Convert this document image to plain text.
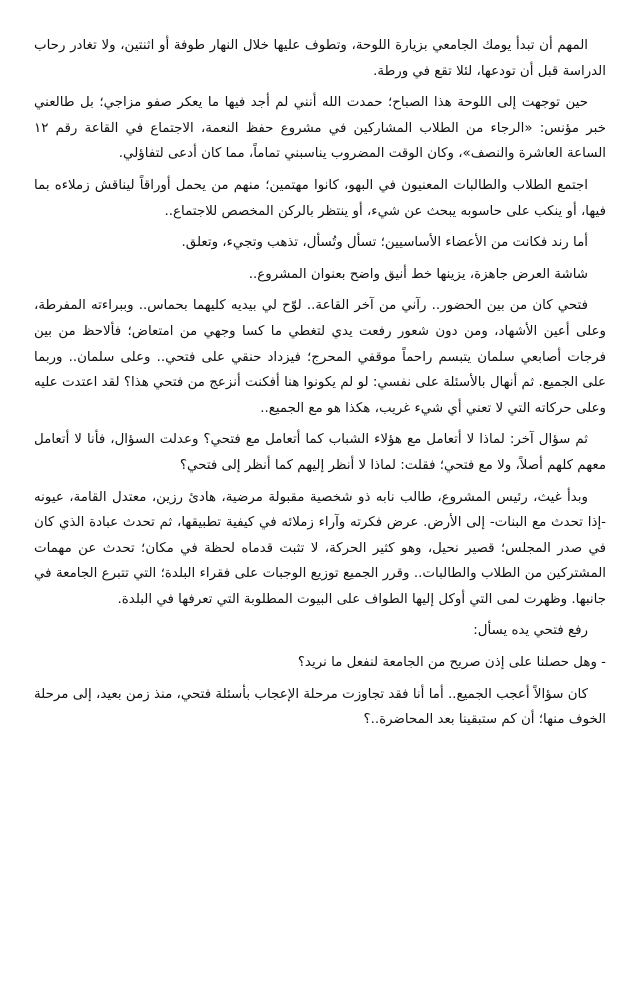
المهم أن تبدأ يومك الجامعي بزيارة اللوحة، وتطوف عليها خلال النهار طوفة أو اثنتين، ولا تغادر رحاب الدراسة قبل أن تودعها، لئلا تقع في ورطة.

حين توجهت إلى اللوحة هذا الصباح؛ حمدت الله أنني لم أجد فيها ما يعكر صفو مزاجي؛ بل طالعني خبر مؤنس: «الرجاء من الطلاب المشاركين في مشروع حفظ النعمة، الاجتماع في القاعة رقم ١٢ الساعة العاشرة والنصف»، وكان الوقت المضروب يناسبني تماماً، مما كان أدعى لتفاؤلي.

اجتمع الطلاب والطالبات المعنيون في البهو، كانوا مهتمين؛ منهم من يحمل أوراقاً ليناقش زملاءه بما فيها، أو ينكب على حاسوبه يبحث عن شيء، أو ينتظر بالركن المخصص للاجتماع..

أما رند فكانت من الأعضاء الأساسيين؛ تسأل وتُسأل، تذهب وتجيء، وتعلق.

شاشة العرض جاهزة، يزينها خط أنيق واضح بعنوان المشروع..

فتحي كان من بين الحضور.. رآني من آخر القاعة.. لوّح لي بيديه كليهما بحماس.. وببراءته المفرطة، وعلى أعين الأشهاد، ومن دون شعور رفعت يدي لتغطي ما كسا وجهي من امتعاض؛ فألاحظ من بين فرجات أصابعي سلمان يتبسم راحماً موقفي المحرج؛ فيزداد حنقي على فتحي.. وعلى سلمان.. وربما على الجميع. ثم أنهال بالأسئلة على نفسي: لو لم يكونوا هنا أفكنت أنزعج من فتحي هذا؟ لقد اعتدت عليه وعلى حركاته التي لا تعني أي شيء غريب، هكذا هو مع الجميع..

ثم سؤال آخر: لماذا لا أتعامل مع هؤلاء الشباب كما أتعامل مع فتحي؟ وعدلت السؤال، فأنا لا أتعامل معهم كلهم أصلاً، ولا مع فتحي؛ فقلت: لماذا لا أنظر إليهم كما أنظر إلى فتحي؟

وبدأ غيث، رئيس المشروع، طالب نابه ذو شخصية مقبولة مرضية، هادئ رزين، معتدل القامة، عيونه -إذا تحدث مع البنات- إلى الأرض. عرض فكرته وآراء زملائه في كيفية تطبيقها، ثم تحدث عبادة الذي كان في صدر المجلس؛ قصير نحيل، وهو كثير الحركة، لا تثبت قدماه لحظة في مكان؛ تحدث عن مهمات المشتركين من الطلاب والطالبات.. وقرر الجميع توزيع الوجبات على فقراء البلدة؛ التي تتبرع الجامعة في جانبها. وظهرت لمى التي أوكل إليها الطواف على البيوت المطلوبة التي تعرفها في البلدة.

رفع فتحي يده يسأل:

- وهل حصلنا على إذن صريح من الجامعة لنفعل ما نريد؟

كان سؤالاً أعجب الجميع.. أما أنا فقد تجاوزت مرحلة الإعجاب بأسئلة فتحي، منذ زمن بعيد، إلى مرحلة الخوف منها؛ أن كم ستبقينا بعد المحاضرة..؟
